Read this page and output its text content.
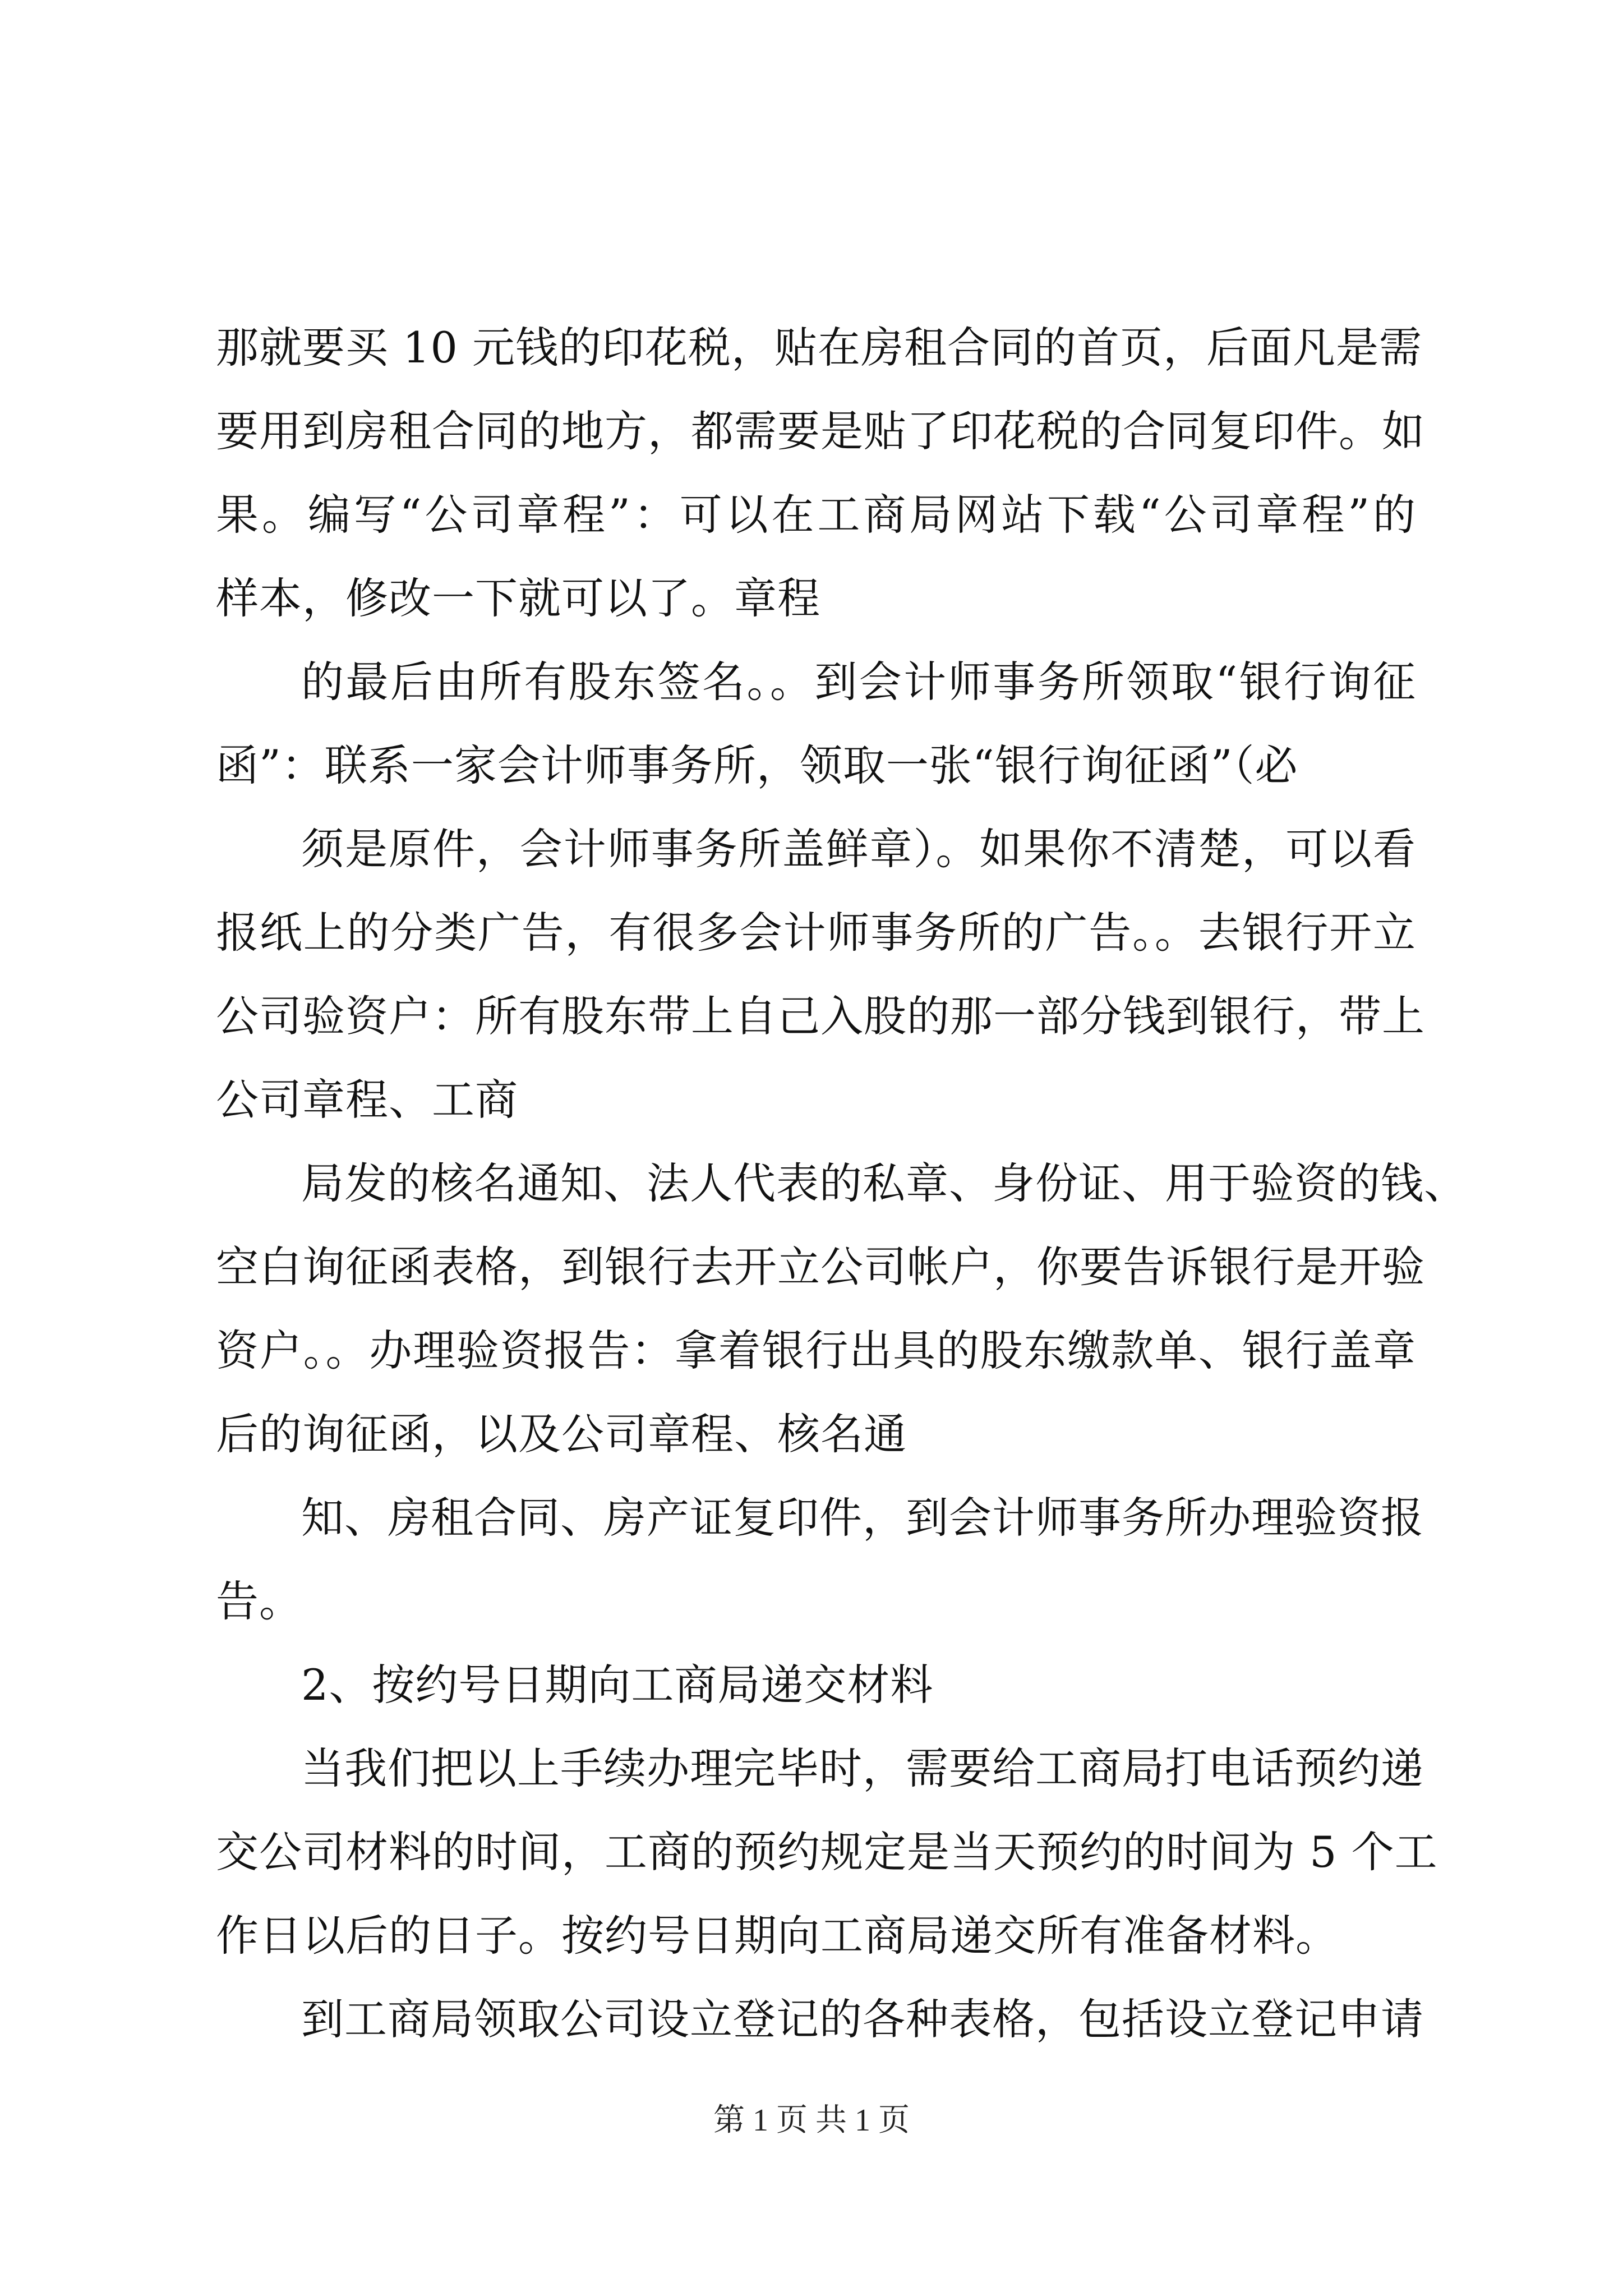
那就要买 10 元钱的印花税，贴在房租合同的首页，后面凡是需
要用到房租合同的地方，都需要是贴了印花税的合同复印件。如
果。编写“公司章程”：可以在工商局网站下载“公司章程”的
样本，修改一下就可以了。章程
的最后由所有股东签名。。到会计师事务所领取“银行询征
函”：联系一家会计师事务所，领取一张“银行询征函”（必
须是原件，会计师事务所盖鲜章）。如果你不清楚，可以看
报纸上的分类广告，有很多会计师事务所的广告。。去银行开立
公司验资户：所有股东带上自己入股的那一部分钱到银行，带上
公司章程、工商
局发的核名通知、法人代表的私章、身份证、用于验资的钱、
空白询征函表格，到银行去开立公司帐户，你要告诉银行是开验
资户。。办理验资报告：拿着银行出具的股东缴款单、银行盖章
后的询征函，以及公司章程、核名通
知、房租合同、房产证复印件，到会计师事务所办理验资报
告。
2、按约号日期向工商局递交材料
当我们把以上手续办理完毕时，需要给工商局打电话预约递
交公司材料的时间，工商的预约规定是当天预约的时间为 5 个工
作日以后的日子。按约号日期向工商局递交所有准备材料。
到工商局领取公司设立登记的各种表格，包括设立登记申请
第 1 页 共 1 页
